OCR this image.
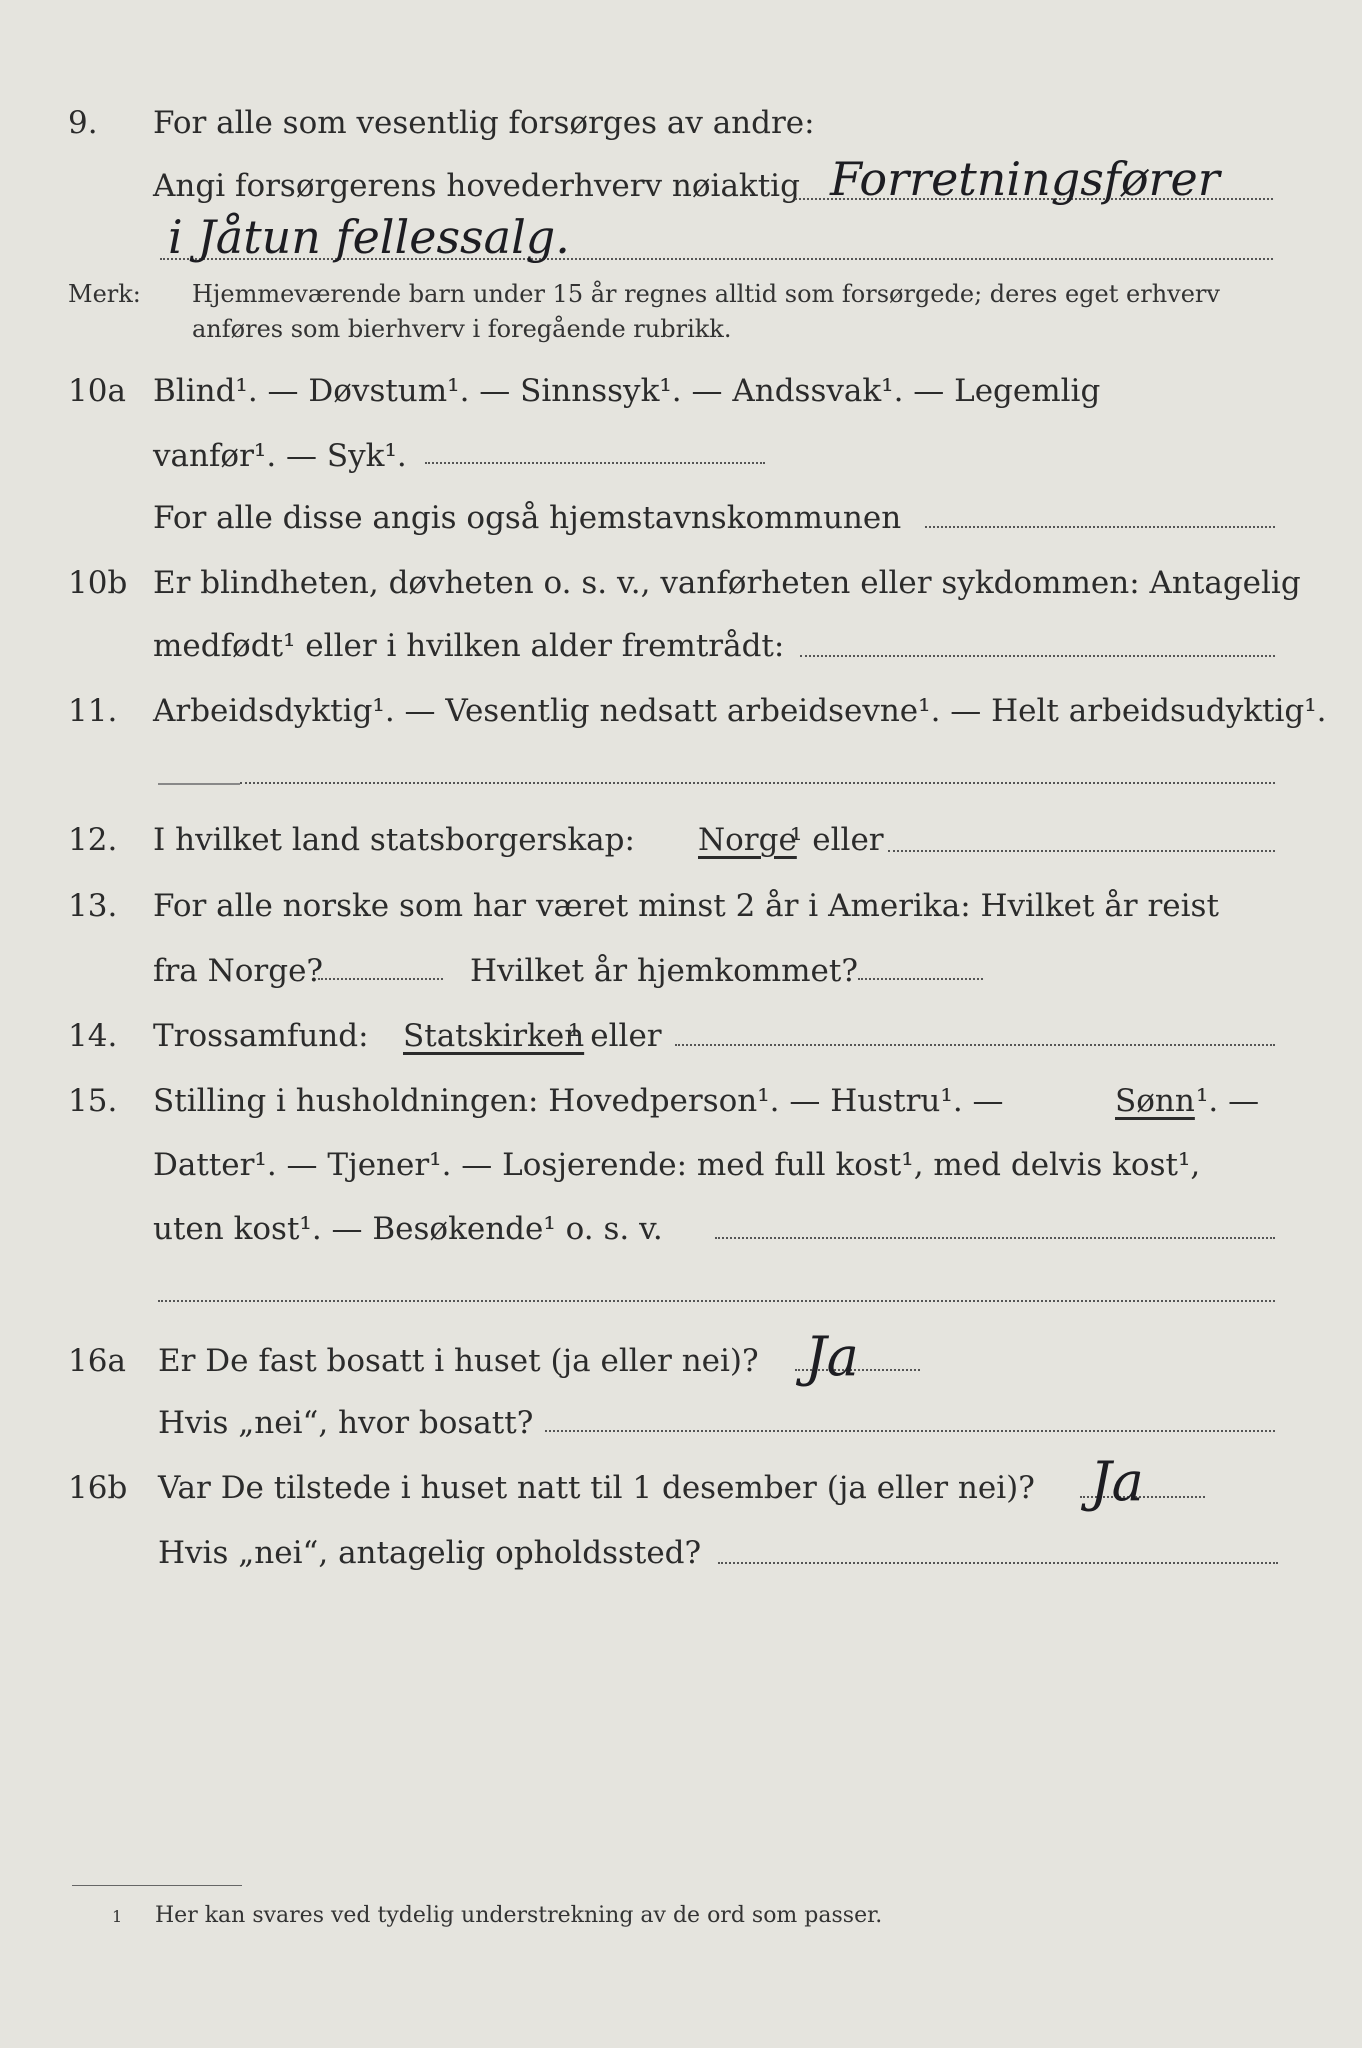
9. For alle som vesentlig forsørges av andre:
Angi forsørgerens hovederhverv nøiaktig Forretningsfører
i Jåtun fellessalg.
Merk: Hjemmeværende barn under 15 år regnes alltid som forsørgede; deres eget erhverv
anføres som bierhverv i foregående rubrikk.
10a Blind¹. — Døvstum¹. — Sinnssyk¹. — Andssvak¹. — Legemlig
vanfør¹. — Syk¹.
For alle disse angis også hjemstavnskommunen
10b Er blindheten, døvheten o. s. v., vanførheten eller sykdommen: Antagelig
medfødt¹ eller i hvilken alder fremtrådt:
11. Arbeidsdyktig¹. — Vesentlig nedsatt arbeidsevne¹. — Helt arbeidsudyktig¹.
12. I hvilket land statsborgerskap: Norge
¹ eller
13. For alle norske som har været minst 2 år i Amerika: Hvilket år reist
fra Norge?	Hvilket år hjemkommet?
14. Trossamfund: Statskirken
¹ eller
15. Stilling i husholdningen: Hovedperson¹. — Hustru¹. —	Sønn ¹. —
Datter¹. — Tjener¹. — Losjerende: med full kost¹, med delvis kost¹,
uten kost¹. — Besøkende¹ o. s. v.
16a Er De fast bosatt i huset (ja eller nei)? Ja
Hvis „nei“, hvor bosatt?
16b Var De tilstede i huset natt til 1 desember (ja eller nei)? Ja
Hvis „nei“, antagelig opholdssted?
1 Her kan svares ved tydelig understrekning av de ord som passer.
